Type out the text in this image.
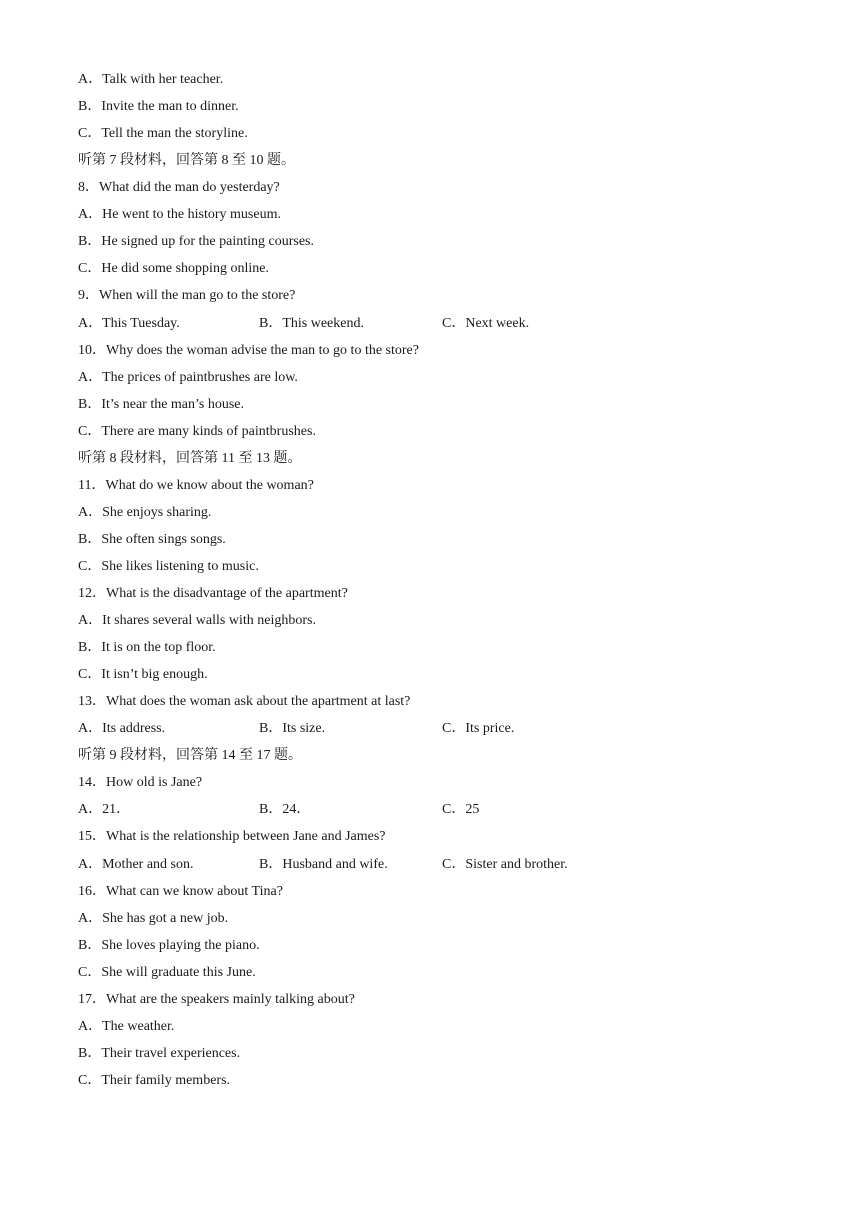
A．Talk with her teacher.
B．Invite the man to dinner.
C．Tell the man the storyline.
听第 7 段材料，回答第 8 至 10 题。
8．What did the man do yesterday?
A．He went to the history museum.
B．He signed up for the painting courses.
C．He did some shopping online.
9．When will the man go to the store?
A．This Tuesday.	B．This weekend.	C．Next week.
10．Why does the woman advise the man to go to the store?
A．The prices of paintbrushes are low.
B．It’s near the man’s house.
C．There are many kinds of paintbrushes.
听第 8 段材料，回答第 11 至 13 题。
11．What do we know about the woman?
A．She enjoys sharing.
B．She often sings songs.
C．She likes listening to music.
12．What is the disadvantage of the apartment?
A．It shares several walls with neighbors.
B．It is on the top floor.
C．It isn’t big enough.
13．What does the woman ask about the apartment at last?
A．Its address.	B．Its size.	C．Its price.
听第 9 段材料，回答第 14 至 17 题。
14．How old is Jane?
A．21．	B．24．	C．25
15．What is the relationship between Jane and James?
A．Mother and son.	B．Husband and wife.	C．Sister and brother.
16．What can we know about Tina?
A．She has got a new job.
B．She loves playing the piano.
C．She will graduate this June.
17．What are the speakers mainly talking about?
A．The weather.
B．Their travel experiences.
C．Their family members.
